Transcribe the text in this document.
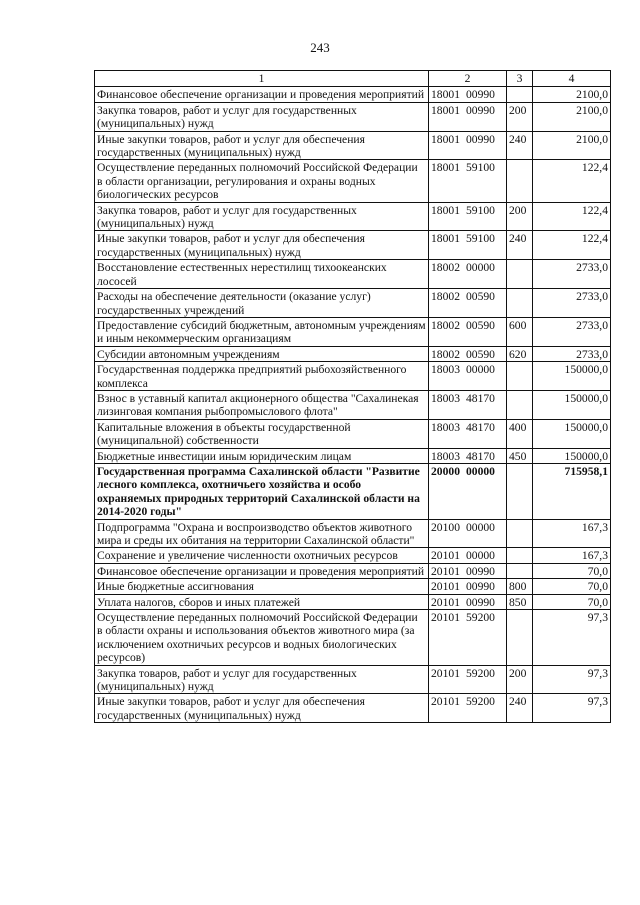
243
1	2	3	4
Финансовое обеспечение организации и проведения мероприятий	18001 00990		2100,0
Закупка товаров, работ и услуг для государственных (муниципальных) нужд	18001 00990	200	2100,0
Иные закупки товаров, работ и услуг для обеспечения государственных (муниципальных) нужд	18001 00990	240	2100,0
Осуществление переданных полномочий Российской Федерации в области организации, регулирования и охраны водных биологических ресурсов	18001 59100		122,4
Закупка товаров, работ и услуг для государственных (муниципальных) нужд	18001 59100	200	122,4
Иные закупки товаров, работ и услуг для обеспечения государственных (муниципальных) нужд	18001 59100	240	122,4
Восстановление естественных нерестилищ тихоокеанских лососей	18002 00000		2733,0
Расходы на обеспечение деятельности (оказание услуг) государственных учреждений	18002 00590		2733,0
Предоставление субсидий бюджетным, автономным учреждениям и иным некоммерческим организациям	18002 00590	600	2733,0
Субсидии автономным учреждениям	18002 00590	620	2733,0
Государственная поддержка предприятий рыбохозяйственного комплекса	18003 00000		150000,0
Взнос в уставный капитал акционерного общества "Сахалинекая лизинговая компания рыбопромыслового флота"	18003 48170		150000,0
Капитальные вложения в объекты государственной (муниципальной) собственности	18003 48170	400	150000,0
Бюджетные инвестиции иным юридическим лицам	18003 48170	450	150000,0
Государственная программа Сахалинской области "Развитие лесного комплекса, охотничьего хозяйства и особо охраняемых природных территорий Сахалинской области на 2014-2020 годы"	20000 00000		715958,1
Подпрограмма "Охрана и воспроизводство объектов животного мира и среды их обитания на территории Сахалинской области"	20100 00000		167,3
Сохранение и увеличение численности охотничьих ресурсов	20101 00000		167,3
Финансовое обеспечение организации и проведения мероприятий	20101 00990		70,0
Иные бюджетные ассигнования	20101 00990	800	70,0
Уплата налогов, сборов и иных платежей	20101 00990	850	70,0
Осуществление переданных полномочий Российской Федерации в области охраны и использования объектов животного мира (за исключением охотничьих ресурсов и водных биологических ресурсов)	20101 59200		97,3
Закупка товаров, работ и услуг для государственных (муниципальных) нужд	20101 59200	200	97,3
Иные закупки товаров, работ и услуг для обеспечения государственных (муниципальных) нужд	20101 59200	240	97,3
